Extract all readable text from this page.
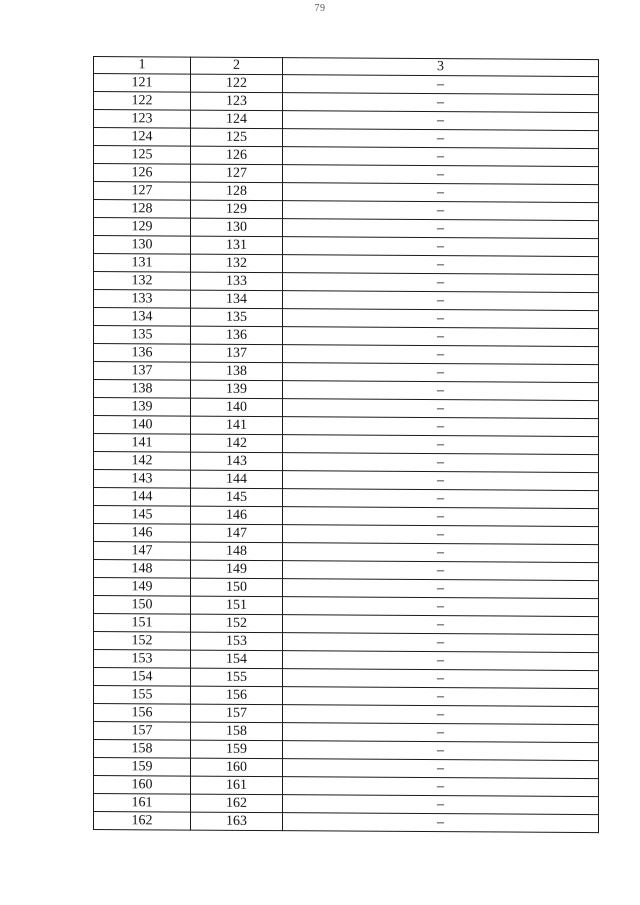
79
1	2	3
121	122	–
122	123	–
123	124	–
124	125	–
125	126	–
126	127	–
127	128	–
128	129	–
129	130	–
130	131	–
131	132	–
132	133	–
133	134	–
134	135	–
135	136	–
136	137	–
137	138	–
138	139	–
139	140	–
140	141	–
141	142	–
142	143	–
143	144	–
144	145	–
145	146	–
146	147	–
147	148	–
148	149	–
149	150	–
150	151	–
151	152	–
152	153	–
153	154	–
154	155	–
155	156	–
156	157	–
157	158	–
158	159	–
159	160	–
160	161	–
161	162	–
162	163	–
